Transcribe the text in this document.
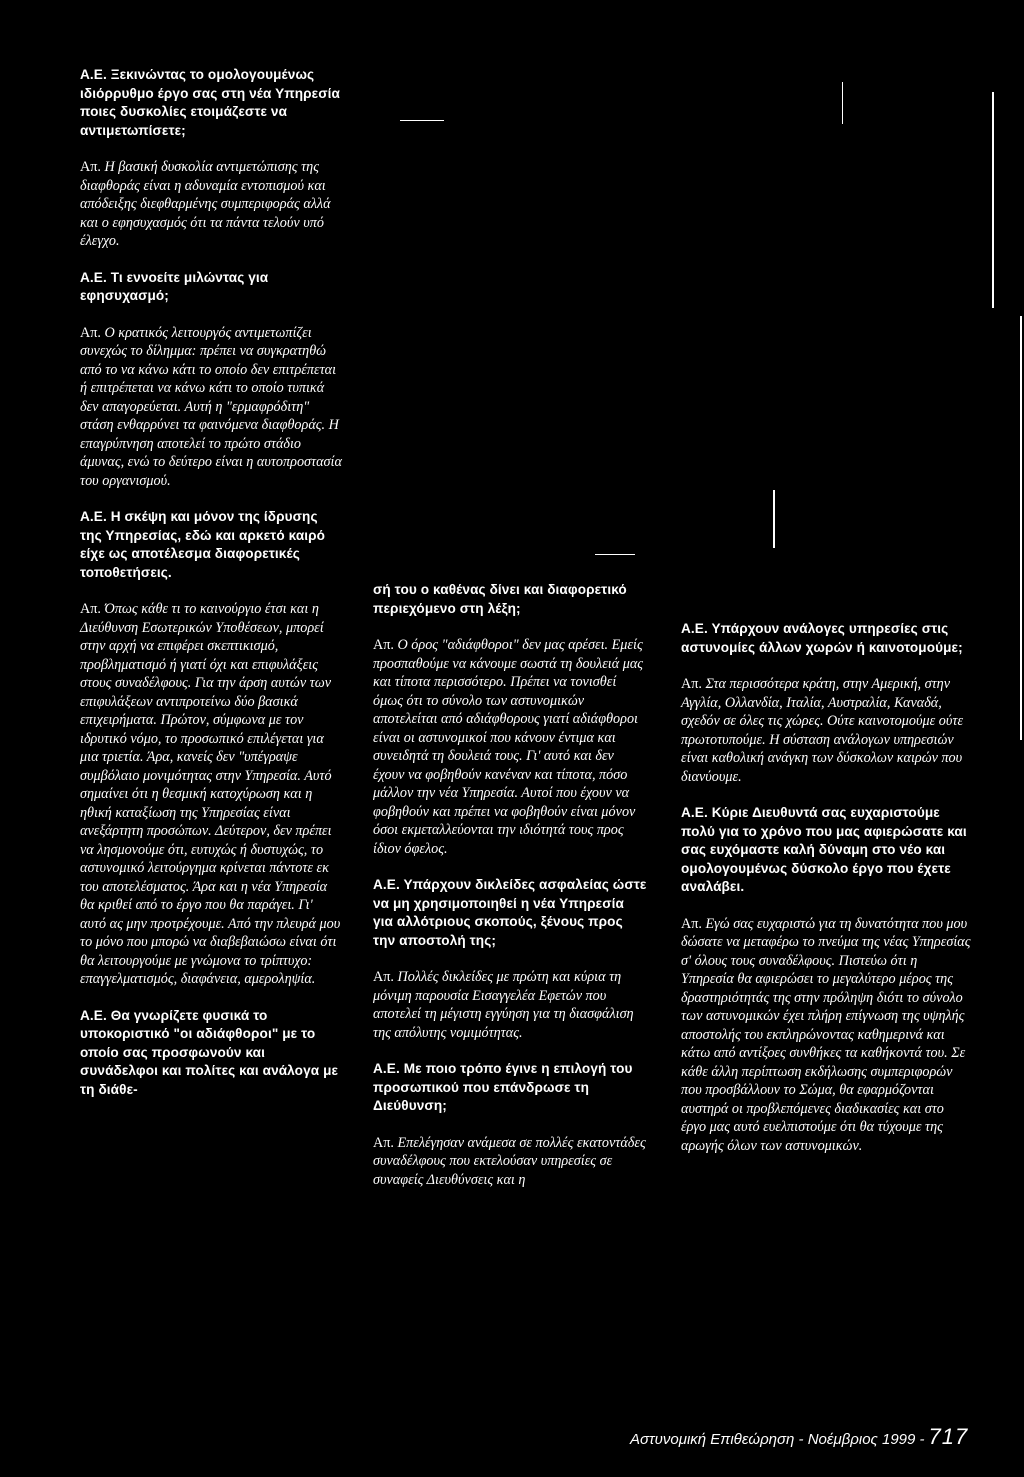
Α.Ε. Ξεκινώντας το ομολογουμένως ιδιόρρυθμο έργο σας στη νέα Υπηρεσία ποιες δυσκολίες ετοιμάζεστε να αντιμετωπίσετε;

Απ. Η βασική δυσκολία αντιμετώπισης της διαφθοράς είναι η αδυναμία εντοπισμού και απόδειξης διεφθαρμένης συμπεριφοράς αλλά και ο εφησυχασμός ότι τα πάντα τελούν υπό έλεγχο.

Α.Ε. Τι εννοείτε μιλώντας για εφησυχασμό;

Απ. Ο κρατικός λειτουργός αντιμετωπίζει συνεχώς το δίλημμα: πρέπει να συγκρατηθώ από το να κάνω κάτι το οποίο δεν επιτρέπεται ή επιτρέπεται να κάνω κάτι το οποίο τυπικά δεν απαγορεύεται. Αυτή η "ερμαφρόδιτη" στάση ενθαρρύνει τα φαινόμενα διαφθοράς. Η επαγρύπνηση αποτελεί το πρώτο στάδιο άμυνας, ενώ το δεύτερο είναι η αυτοπροστασία του οργανισμού.

Α.Ε. Η σκέψη και μόνον της ίδρυσης της Υπηρεσίας, εδώ και αρκετό καιρό είχε ως αποτέλεσμα διαφορετικές τοποθετήσεις.

Απ. Όπως κάθε τι το καινούργιο έτσι και η Διεύθυνση Εσωτερικών Υποθέσεων, μπορεί στην αρχή να επιφέρει σκεπτικισμό, προβληματισμό ή γιατί όχι και επιφυλάξεις στους συναδέλφους. Για την άρση αυτών των επιφυλάξεων αντιπροτείνω δύο βασικά επιχειρήματα. Πρώτον, σύμφωνα με τον ιδρυτικό νόμο, το προσωπικό επιλέγεται για μια τριετία. Άρα, κανείς δεν "υπέγραψε συμβόλαιο μονιμότητας στην Υπηρεσία. Αυτό σημαίνει ότι η θεσμική κατοχύρωση και η ηθική καταξίωση της Υπηρεσίας είναι ανεξάρτητη προσώπων. Δεύτερον, δεν πρέπει να λησμονούμε ότι, ευτυχώς ή δυστυχώς, το αστυνομικό λειτούργημα κρίνεται πάντοτε εκ του αποτελέσματος. Άρα και η νέα Υπηρεσία θα κριθεί από το έργο που θα παράγει. Γι' αυτό ας μην προτρέχουμε. Από την πλευρά μου το μόνο που μπορώ να διαβεβαιώσω είναι ότι θα λειτουργούμε με γνώμονα το τρίπτυχο: επαγγελματισμός, διαφάνεια, αμεροληψία.

Α.Ε. Θα γνωρίζετε φυσικά το υποκοριστικό "οι αδιάφθοροι" με το οποίο σας προσφωνούν και συνάδελφοι και πολίτες και ανάλογα με τη διάθε-

σή του ο καθένας δίνει και διαφορετικό περιεχόμενο στη λέξη;

Απ. Ο όρος "αδιάφθοροι" δεν μας αρέσει. Εμείς προσπαθούμε να κάνουμε σωστά τη δουλειά μας και τίποτα περισσότερο. Πρέπει να τονισθεί όμως ότι το σύνολο των αστυνομικών αποτελείται από αδιάφθορους γιατί αδιάφθοροι είναι οι αστυνομικοί που κάνουν έντιμα και συνειδητά τη δουλειά τους. Γι' αυτό και δεν έχουν να φοβηθούν κανέναν και τίποτα, πόσο μάλλον την νέα Υπηρεσία. Αυτοί που έχουν να φοβηθούν και πρέπει να φοβηθούν είναι μόνον όσοι εκμεταλλεύονται την ιδιότητά τους προς ίδιον όφελος.

Α.Ε. Υπάρχουν δικλείδες ασφαλείας ώστε να μη χρησιμοποιηθεί η νέα Υπηρεσία για αλλότριους σκοπούς, ξένους προς την αποστολή της;

Απ. Πολλές δικλείδες με πρώτη και κύρια τη μόνιμη παρουσία Εισαγγελέα Εφετών που αποτελεί τη μέγιστη εγγύηση για τη διασφάλιση της απόλυτης νομιμότητας.

Α.Ε. Με ποιο τρόπο έγινε η επιλογή του προσωπικού που επάνδρωσε τη Διεύθυνση;

Απ. Επελέγησαν ανάμεσα σε πολλές εκατοντάδες συναδέλφους που εκτελούσαν υπηρεσίες σε συναφείς Διευθύνσεις και η

Α.Ε. Υπάρχουν ανάλογες υπηρεσίες στις αστυνομίες άλλων χωρών ή καινοτομούμε;

Απ. Στα περισσότερα κράτη, στην Αμερική, στην Αγγλία, Ολλανδία, Ιταλία, Αυστραλία, Καναδά, σχεδόν σε όλες τις χώρες. Ούτε καινοτομούμε ούτε πρωτοτυπούμε. Η σύσταση ανάλογων υπηρεσιών είναι καθολική ανάγκη των δύσκολων καιρών που διανύουμε.

Α.Ε. Κύριε Διευθυντά σας ευχαριστούμε πολύ για το χρόνο που μας αφιερώσατε και σας ευχόμαστε καλή δύναμη στο νέο και ομολογουμένως δύσκολο έργο που έχετε αναλάβει.

Απ. Εγώ σας ευχαριστώ για τη δυνατότητα που μου δώσατε να μεταφέρω το πνεύμα της νέας Υπηρεσίας σ' όλους τους συναδέλφους. Πιστεύω ότι η Υπηρεσία θα αφιερώσει το μεγαλύτερο μέρος της δραστηριότητάς της στην πρόληψη διότι το σύνολο των αστυνομικών έχει πλήρη επίγνωση της υψηλής αποστολής του εκπληρώνοντας καθημερινά και κάτω από αντίξοες συνθήκες τα καθήκοντά του. Σε κάθε άλλη περίπτωση εκδήλωσης συμπεριφορών που προσβάλλουν το Σώμα, θα εφαρμόζονται αυστηρά οι προβλεπόμενες διαδικασίες και στο έργο μας αυτό ευελπιστούμε ότι θα τύχουμε της αρωγής όλων των αστυνομικών.

Αστυνομική Επιθεώρηση - Νοέμβριος 1999 - 717
